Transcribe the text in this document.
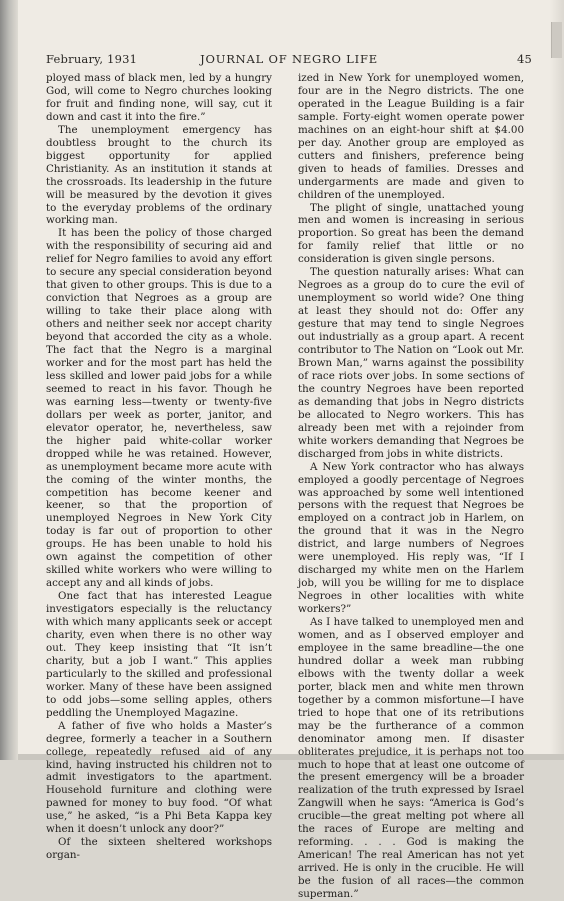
February, 1931	JOURNAL OF NEGRO LIFE	45

ployed mass of black men, led by a hungry God, will come to Negro churches looking for fruit and finding none, will say, cut it down and cast it into the fire.”

The unemployment emergency has doubtless brought to the church its biggest opportunity for applied Christianity. As an institution it stands at the crossroads. Its leadership in the future will be measured by the devotion it gives to the everyday problems of the ordinary working man.

It has been the policy of those charged with the responsibility of securing aid and relief for Negro families to avoid any effort to secure any special consideration beyond that given to other groups. This is due to a conviction that Negroes as a group are willing to take their place along with others and neither seek nor accept charity beyond that accorded the city as a whole. The fact that the Negro is a marginal worker and for the most part has held the less skilled and lower paid jobs for a while seemed to react in his favor. Though he was earning less—twenty or twenty-five dollars per week as porter, janitor, and elevator operator, he, nevertheless, saw the higher paid white-collar worker dropped while he was retained. However, as unemployment became more acute with the coming of the winter months, the competition has become keener and keener, so that the proportion of unemployed Negroes in New York City today is far out of proportion to other groups. He has been unable to hold his own against the competition of other skilled white workers who were willing to accept any and all kinds of jobs.

One fact that has interested League investigators especially is the reluctancy with which many applicants seek or accept charity, even when there is no other way out. They keep insisting that “It isn’t charity, but a job I want.” This applies particularly to the skilled and professional worker. Many of these have been assigned to odd jobs—some selling apples, others peddling the Unemployed Magazine.

A father of five who holds a Master’s degree, formerly a teacher in a Southern college, repeatedly refused aid of any kind, having instructed his children not to admit investigators to the apartment. Household furniture and clothing were pawned for money to buy food. “Of what use,” he asked, “is a Phi Beta Kappa key when it doesn’t unlock any door?”

Of the sixteen sheltered workshops organ-

ized in New York for unemployed women, four are in the Negro districts. The one operated in the League Building is a fair sample. Forty-eight women operate power machines on an eight-hour shift at $4.00 per day. Another group are employed as cutters and finishers, preference being given to heads of families. Dresses and undergarments are made and given to children of the unemployed.

The plight of single, unattached young men and women is increasing in serious proportion. So great has been the demand for family relief that little or no consideration is given single persons.

The question naturally arises: What can Negroes as a group do to cure the evil of unemployment so world wide? One thing at least they should not do: Offer any gesture that may tend to single Negroes out industrially as a group apart. A recent contributor to The Nation on “Look out Mr. Brown Man,” warns against the possibility of race riots over jobs. In some sections of the country Negroes have been reported as demanding that jobs in Negro districts be allocated to Negro workers. This has already been met with a rejoinder from white workers demanding that Negroes be discharged from jobs in white districts.

A New York contractor who has always employed a goodly percentage of Negroes was approached by some well intentioned persons with the request that Negroes be employed on a contract job in Harlem, on the ground that it was in the Negro district, and large numbers of Negroes were unemployed. His reply was, “If I discharged my white men on the Harlem job, will you be willing for me to displace Negroes in other localities with white workers?”

As I have talked to unemployed men and women, and as I observed employer and employee in the same breadline—the one hundred dollar a week man rubbing elbows with the twenty dollar a week porter, black men and white men thrown together by a common misfortune—I have tried to hope that one of its retributions may be the furtherance of a common denominator among men. If disaster obliterates prejudice, it is perhaps not too much to hope that at least one outcome of the present emergency will be a broader realization of the truth expressed by Israel Zangwill when he says: “America is God’s crucible—the great melting pot where all the races of Europe are melting and reforming. . . . God is making the American! The real American has not yet arrived. He is only in the crucible. He will be the fusion of all races—the common superman.”
